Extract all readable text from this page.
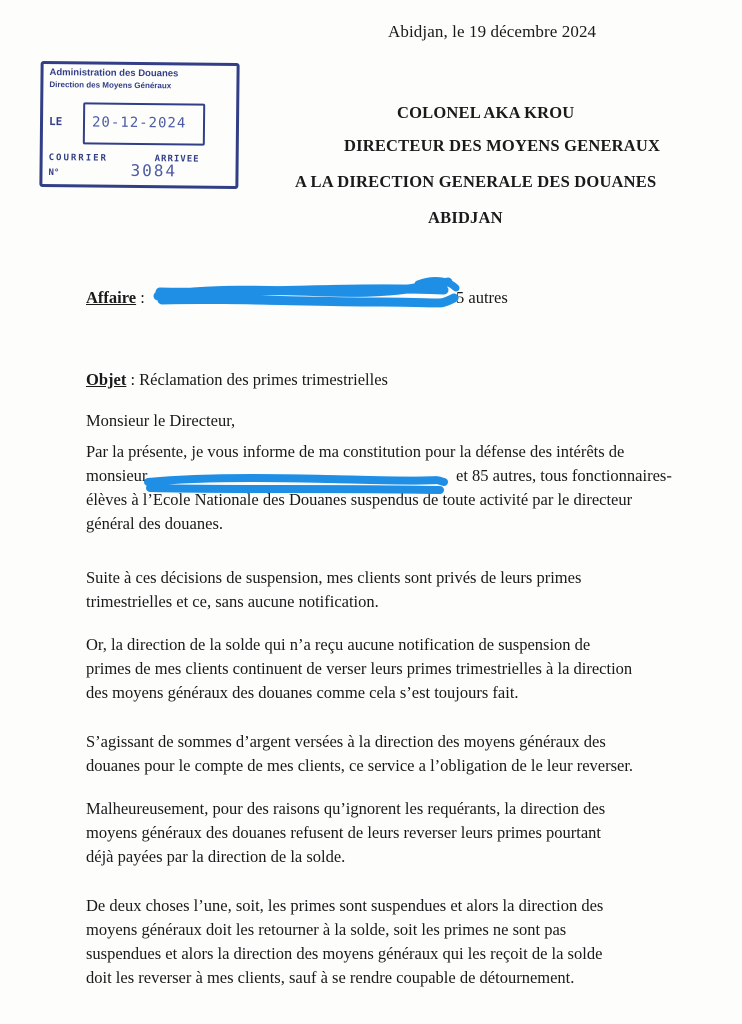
Abidjan, le 19 décembre 2024
Administration des Douanes
Direction des Moyens Généraux
LE 20-12-2024
COURRIER	ARRIVEE
N°	3084
COLONEL AKA KROU
DIRECTEUR DES MOYENS GENERAUX
A LA DIRECTION GENERALE DES DOUANES
ABIDJAN
Affaire :	5 autres
Objet : Réclamation des primes trimestrielles
Monsieur le Directeur,
Par la présente, je vous informe de ma constitution pour la défense des intérêts de
monsieur	et 85 autres, tous fonctionnaires-
élèves à l’Ecole Nationale des Douanes suspendus de toute activité par le directeur
général des douanes.
Suite à ces décisions de suspension, mes clients sont privés de leurs primes
trimestrielles et ce, sans aucune notification.
Or, la direction de la solde qui n’a reçu aucune notification de suspension de
primes de mes clients continuent de verser leurs primes trimestrielles à la direction
des moyens généraux des douanes comme cela s’est toujours fait.
S’agissant de sommes d’argent versées à la direction des moyens généraux des
douanes pour le compte de mes clients, ce service a l’obligation de le leur reverser.
Malheureusement, pour des raisons qu’ignorent les requérants, la direction des
moyens généraux des douanes refusent de leurs reverser leurs primes pourtant
déjà payées par la direction de la solde.
De deux choses l’une, soit, les primes sont suspendues et alors la direction des
moyens généraux doit les retourner à la solde, soit les primes ne sont pas
suspendues et alors la direction des moyens généraux qui les reçoit de la solde
doit les reverser à mes clients, sauf à se rendre coupable de détournement.
